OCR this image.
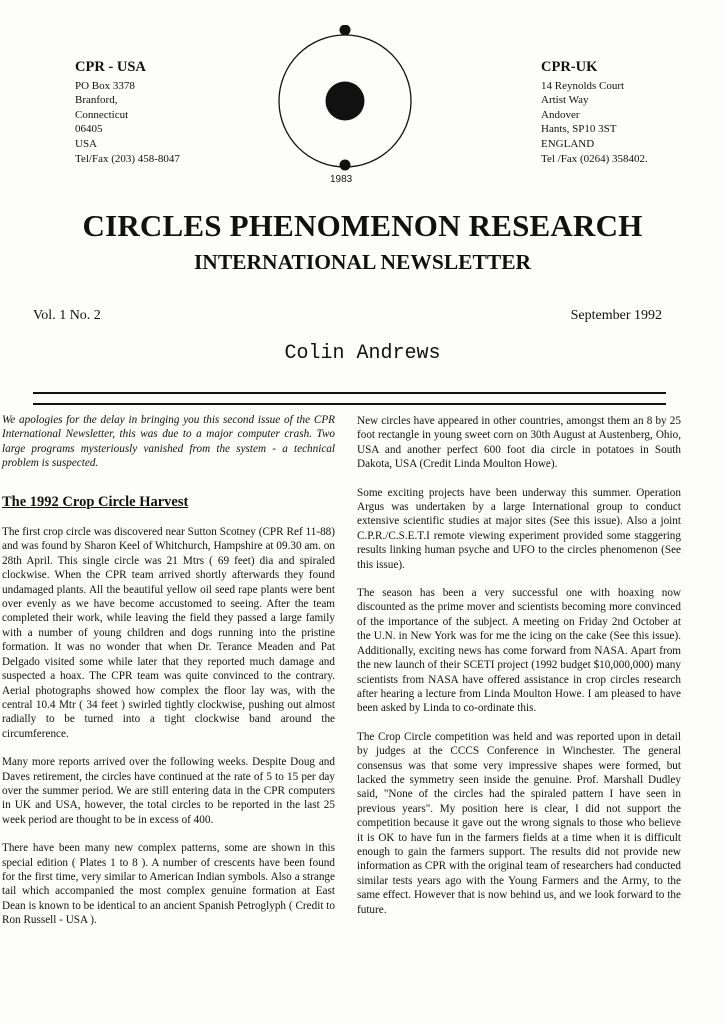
CPR - USA
PO Box 3378
Branford,
Connecticut
06405
USA
Tel/Fax (203) 458-8047
1983
CPR-UK
14 Reynolds Court
Artist Way
Andover
Hants, SP10 3ST
ENGLAND
Tel /Fax (0264) 358402.
CIRCLES PHENOMENON RESEARCH
INTERNATIONAL NEWSLETTER
Vol. 1 No. 2	September 1992
Colin Andrews

We apologies for the delay in bringing you this second issue of the CPR International Newsletter, this was due to a major computer crash. Two large programs mysteriously vanished from the system - a technical problem is suspected.

The 1992 Crop Circle Harvest

The first crop circle was discovered near Sutton Scotney (CPR Ref 11-88) and was found by Sharon Keel of Whitchurch, Hampshire at 09.30 am. on 28th April. This single circle was 21 Mtrs ( 69 feet) dia and spiraled clockwise. When the CPR team arrived shortly afterwards they found undamaged plants. All the beautiful yellow oil seed rape plants were bent over evenly as we have become accustomed to seeing. After the team completed their work, while leaving the field they passed a large family with a number of young children and dogs running into the pristine formation. It was no wonder that when Dr. Terance Meaden and Pat Delgado visited some while later that they reported much damage and suspected a hoax. The CPR team was quite convinced to the contrary. Aerial photographs showed how complex the floor lay was, with the central 10.4 Mtr ( 34 feet ) swirled tightly clockwise, pushing out almost radially to be turned into a tight clockwise band around the circumference.

Many more reports arrived over the following weeks. Despite Doug and Daves retirement, the circles have continued at the rate of 5 to 15 per day over the summer period. We are still entering data in the CPR computers in UK and USA, however, the total circles to be reported in the last 25 week period are thought to be in excess of 400.

There have been many new complex patterns, some are shown in this special edition ( Plates 1 to 8 ). A number of crescents have been found for the first time, very similar to American Indian symbols. Also a strange tail which accompanied the most complex genuine formation at East Dean is known to be identical to an ancient Spanish Petroglyph ( Credit to Ron Russell - USA ).

New circles have appeared in other countries, amongst them an 8 by 25 foot rectangle in young sweet corn on 30th August at Austenberg, Ohio, USA and another perfect 600 foot dia circle in potatoes in South Dakota, USA (Credit Linda Moulton Howe).

Some exciting projects have been underway this summer. Operation Argus was undertaken by a large International group to conduct extensive scientific studies at major sites (See this issue). Also a joint C.P.R./C.S.E.T.I remote viewing experiment provided some staggering results linking human psyche and UFO to the circles phenomenon (See this issue).

The season has been a very successful one with hoaxing now discounted as the prime mover and scientists becoming more convinced of the importance of the subject. A meeting on Friday 2nd October at the U.N. in New York was for me the icing on the cake (See this issue). Additionally, exciting news has come forward from NASA. Apart from the new launch of their SCETI project (1992 budget $10,000,000) many scientists from NASA have offered assistance in crop circles research after hearing a lecture from Linda Moulton Howe. I am pleased to have been asked by Linda to co-ordinate this.

The Crop Circle competition was held and was reported upon in detail by judges at the CCCS Conference in Winchester. The general consensus was that some very impressive shapes were formed, but lacked the symmetry seen inside the genuine. Prof. Marshall Dudley said, "None of the circles had the spiraled pattern I have seen in previous years". My position here is clear, I did not support the competition because it gave out the wrong signals to those who believe it is OK to have fun in the farmers fields at a time when it is difficult enough to gain the farmers support. The results did not provide new information as CPR with the original team of researchers had conducted similar tests years ago with the Young Farmers and the Army, to the same effect. However that is now behind us, and we look forward to the future.
